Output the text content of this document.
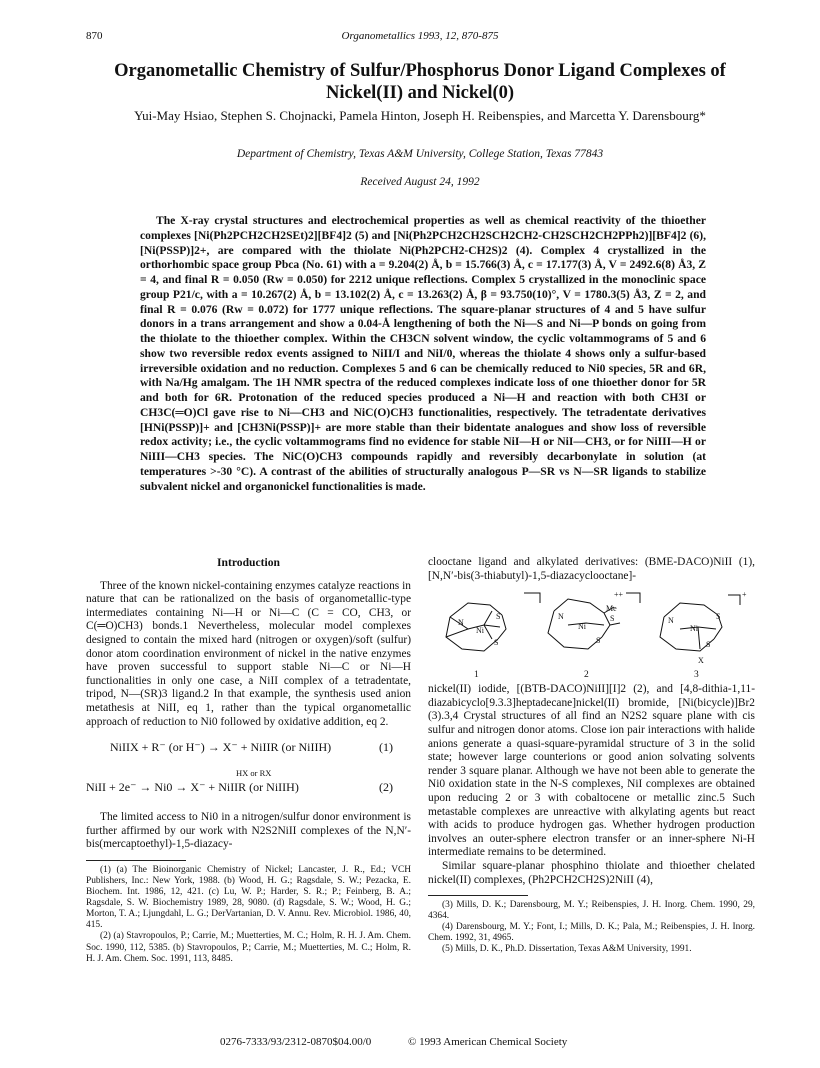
870	Organometallics 1993, 12, 870-875
Organometallic Chemistry of Sulfur/Phosphorus Donor Ligand Complexes of Nickel(II) and Nickel(0)
Yui-May Hsiao, Stephen S. Chojnacki, Pamela Hinton, Joseph H. Reibenspies, and Marcetta Y. Darensbourg*
Department of Chemistry, Texas A&M University, College Station, Texas 77843
Received August 24, 1992

The X-ray crystal structures and electrochemical properties as well as chemical reactivity of the thioether complexes [Ni(Ph2PCH2CH2SEt)2][BF4]2 (5) and [Ni(Ph2PCH2CH2SCH2CH2-CH2SCH2CH2PPh2)][BF4]2 (6), [Ni(PSSP)]2+, are compared with the thiolate Ni(Ph2PCH2-CH2S)2 (4). Complex 4 crystallized in the orthorhombic space group Pbca (No. 61) with a = 9.204(2) Å, b = 15.766(3) Å, c = 17.177(3) Å, V = 2492.6(8) Å3, Z = 4, and final R = 0.050 (Rw = 0.050) for 2212 unique reflections. Complex 5 crystallized in the monoclinic space group P21/c, with a = 10.267(2) Å, b = 13.102(2) Å, c = 13.263(2) Å, β = 93.750(10)°, V = 1780.3(5) Å3, Z = 2, and final R = 0.076 (Rw = 0.072) for 1777 unique reflections. The square-planar structures of 4 and 5 have sulfur donors in a trans arrangement and show a 0.04-Å lengthening of both the Ni—S and Ni—P bonds on going from the thiolate to the thioether complex. Within the CH3CN solvent window, the cyclic voltammograms of 5 and 6 show two reversible redox events assigned to NiII/I and NiI/0, whereas the thiolate 4 shows only a sulfur-based irreversible oxidation and no reduction. Complexes 5 and 6 can be chemically reduced to Ni0 species, 5R and 6R, with Na/Hg amalgam. The 1H NMR spectra of the reduced complexes indicate loss of one thioether donor for 5R and both for 6R. Protonation of the reduced species produced a Ni—H and reaction with both CH3I or CH3C(═O)Cl gave rise to Ni—CH3 and NiC(O)CH3 functionalities, respectively. The tetradentate derivatives [HNi(PSSP)]+ and [CH3Ni(PSSP)]+ are more stable than their bidentate analogues and show loss of reversible redox activity; i.e., the cyclic voltammograms find no evidence for stable NiI—H or NiI—CH3, or for NiIII—H or NiIII—CH3 species. The NiC(O)CH3 compounds rapidly and reversibly decarbonylate in solution (at temperatures >-30 °C). A contrast of the abilities of structurally analogous P—SR vs N—SR ligands to stabilize subvalent nickel and organonickel functionalities is made.

Introduction

Three of the known nickel-containing enzymes catalyze reactions in nature that can be rationalized on the basis of organometallic-type intermediates containing Ni—H or Ni—C (C = CO, CH3, or C(═O)CH3) bonds.1 Nevertheless, molecular model complexes designed to contain the mixed hard (nitrogen or oxygen)/soft (sulfur) donor atom coordination environment of nickel in the native enzymes have proven successful to support stable Ni—C or Ni—H functionalities in only one case, a NiII complex of a tetradentate, tripod, N—(SR)3 ligand.2 In that example, the synthesis used anion metathesis at NiII, eq 1, rather than the typical organometallic approach of reduction to Ni0 followed by oxidative addition, eq 2.

NiIIX + R⁻ (or H⁻) → X⁻ + NiIIR (or NiIIH)	(1)
HX or RX
NiII + 2e⁻ → Ni0 → X⁻ + NiIIR (or NiIIH)	(2)

The limited access to Ni0 in a nitrogen/sulfur donor environment is further affirmed by our work with N2S2NiII complexes of the N,N′-bis(mercaptoethyl)-1,5-diazacy-

(1) (a) The Bioinorganic Chemistry of Nickel; Lancaster, J. R., Ed.; VCH Publishers, Inc.: New York, 1988. (b) Wood, H. G.; Ragsdale, S. W.; Pezacka, E. Biochem. Int. 1986, 12, 421. (c) Lu, W. P.; Harder, S. R.; P.; Feinberg, B. A.; Ragsdale, S. W. Biochemistry 1989, 28, 9080. (d) Ragsdale, S. W.; Wood, H. G.; Morton, T. A.; Ljungdahl, L. G.; DerVartanian, D. V. Annu. Rev. Microbiol. 1986, 40, 415.

(2) (a) Stavropoulos, P.; Carrie, M.; Muetterties, M. C.; Holm, R. H. J. Am. Chem. Soc. 1990, 112, 5385. (b) Stavropoulos, P.; Carrie, M.; Muetterties, M. C.; Holm, R. H. J. Am. Chem. Soc. 1991, 113, 8485.

clooctane ligand and alkylated derivatives: (BME-DACO)NiII (1), [N,N′-bis(3-thiabutyl)-1,5-diazacyclooctane]-

N
Ni
S
S
N
Ni
Me
S
S
N
Ni
S
S
X
++	+
1	2	3

nickel(II) iodide, [(BTB-DACO)NiII][I]2 (2), and [4,8-dithia-1,11-diazabicyclo[9.3.3]heptadecane]nickel(II) bromide, [Ni(bicycle)]Br2 (3).3,4 Crystal structures of all find an N2S2 square plane with cis sulfur and nitrogen donor atoms. Close ion pair interactions with halide anions generate a quasi-square-pyramidal structure of 3 in the solid state; however large counterions or good anion solvating solvents render 3 square planar. Although we have not been able to generate the Ni0 oxidation state in the N-S complexes, NiI complexes are obtained upon reducing 2 or 3 with cobaltocene or metallic zinc.5 Such metastable complexes are unreactive with alkylating agents but react with acids to produce hydrogen gas. Whether hydrogen production involves an outer-sphere electron transfer or an inner-sphere Ni-H intermediate remains to be determined.

Similar square-planar phosphino thiolate and thioether chelated nickel(II) complexes, (Ph2PCH2CH2S)2NiII (4),

(3) Mills, D. K.; Darensbourg, M. Y.; Reibenspies, J. H. Inorg. Chem. 1990, 29, 4364.

(4) Darensbourg, M. Y.; Font, I.; Mills, D. K.; Pala, M.; Reibenspies, J. H. Inorg. Chem. 1992, 31, 4965.

(5) Mills, D. K., Ph.D. Dissertation, Texas A&M University, 1991.

0276-7333/93/2312-0870$04.00/0	© 1993 American Chemical Society
